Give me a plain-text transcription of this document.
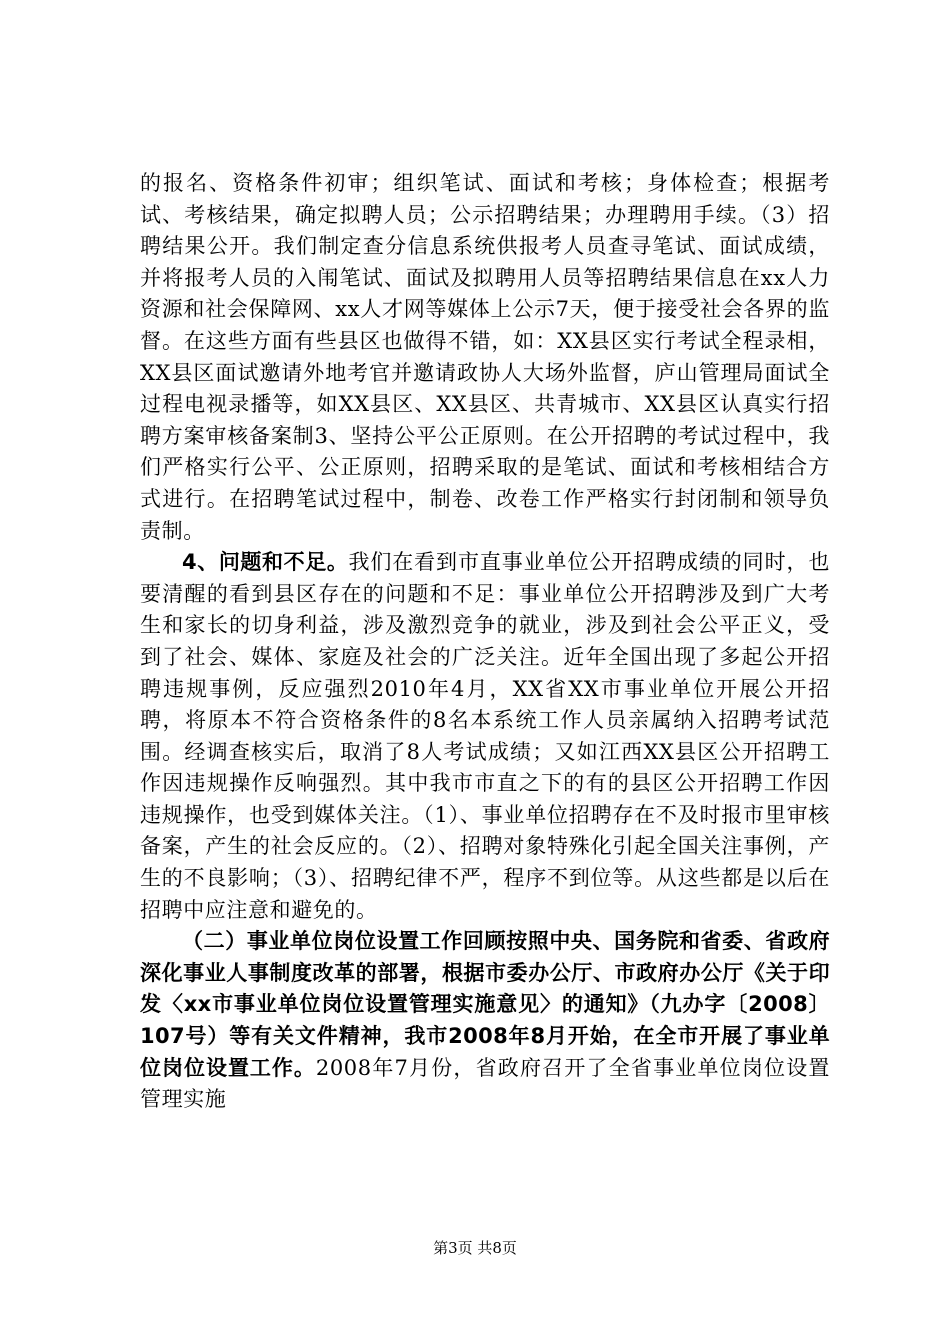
的报名、资格条件初审；组织笔试、面试和考核；身体检查；根据考试、考核结果，确定拟聘人员；公示招聘结果；办理聘用手续。（3）招聘结果公开。我们制定查分信息系统供报考人员查寻笔试、面试成绩，并将报考人员的入闱笔试、面试及拟聘用人员等招聘结果信息在xx人力资源和社会保障网、xx人才网等媒体上公示7天，便于接受社会各界的监督。在这些方面有些县区也做得不错，如：XX县区实行考试全程录相，XX县区面试邀请外地考官并邀请政协人大场外监督，庐山管理局面试全过程电视录播等，如XX县区、XX县区、共青城市、XX县区认真实行招聘方案审核备案制3、坚持公平公正原则。在公开招聘的考试过程中，我们严格实行公平、公正原则，招聘采取的是笔试、面试和考核相结合方式进行。在招聘笔试过程中，制卷、改卷工作严格实行封闭制和领导负责制。

4、问题和不足。我们在看到市直事业单位公开招聘成绩的同时，也要清醒的看到县区存在的问题和不足：事业单位公开招聘涉及到广大考生和家长的切身利益，涉及激烈竞争的就业，涉及到社会公平正义，受到了社会、媒体、家庭及社会的广泛关注。近年全国出现了多起公开招聘违规事例，反应强烈2010年4月，XX省XX市事业单位开展公开招聘，将原本不符合资格条件的8名本系统工作人员亲属纳入招聘考试范围。经调查核实后，取消了8人考试成绩；又如江西XX县区公开招聘工作因违规操作反响强烈。其中我市市直之下的有的县区公开招聘工作因违规操作，也受到媒体关注。（1）、事业单位招聘存在不及时报市里审核备案，产生的社会反应的。（2）、招聘对象特殊化引起全国关注事例，产生的不良影响；（3）、招聘纪律不严，程序不到位等。从这些都是以后在招聘中应注意和避免的。

（二）事业单位岗位设置工作回顾按照中央、国务院和省委、省政府深化事业人事制度改革的部署，根据市委办公厅、市政府办公厅《关于印发〈xx市事业单位岗位设置管理实施意见〉的通知》（九办字〔2008〕107号）等有关文件精神，我市2008年8月开始，在全市开展了事业单位岗位设置工作。2008年7月份，省政府召开了全省事业单位岗位设置管理实施

第3页 共8页
